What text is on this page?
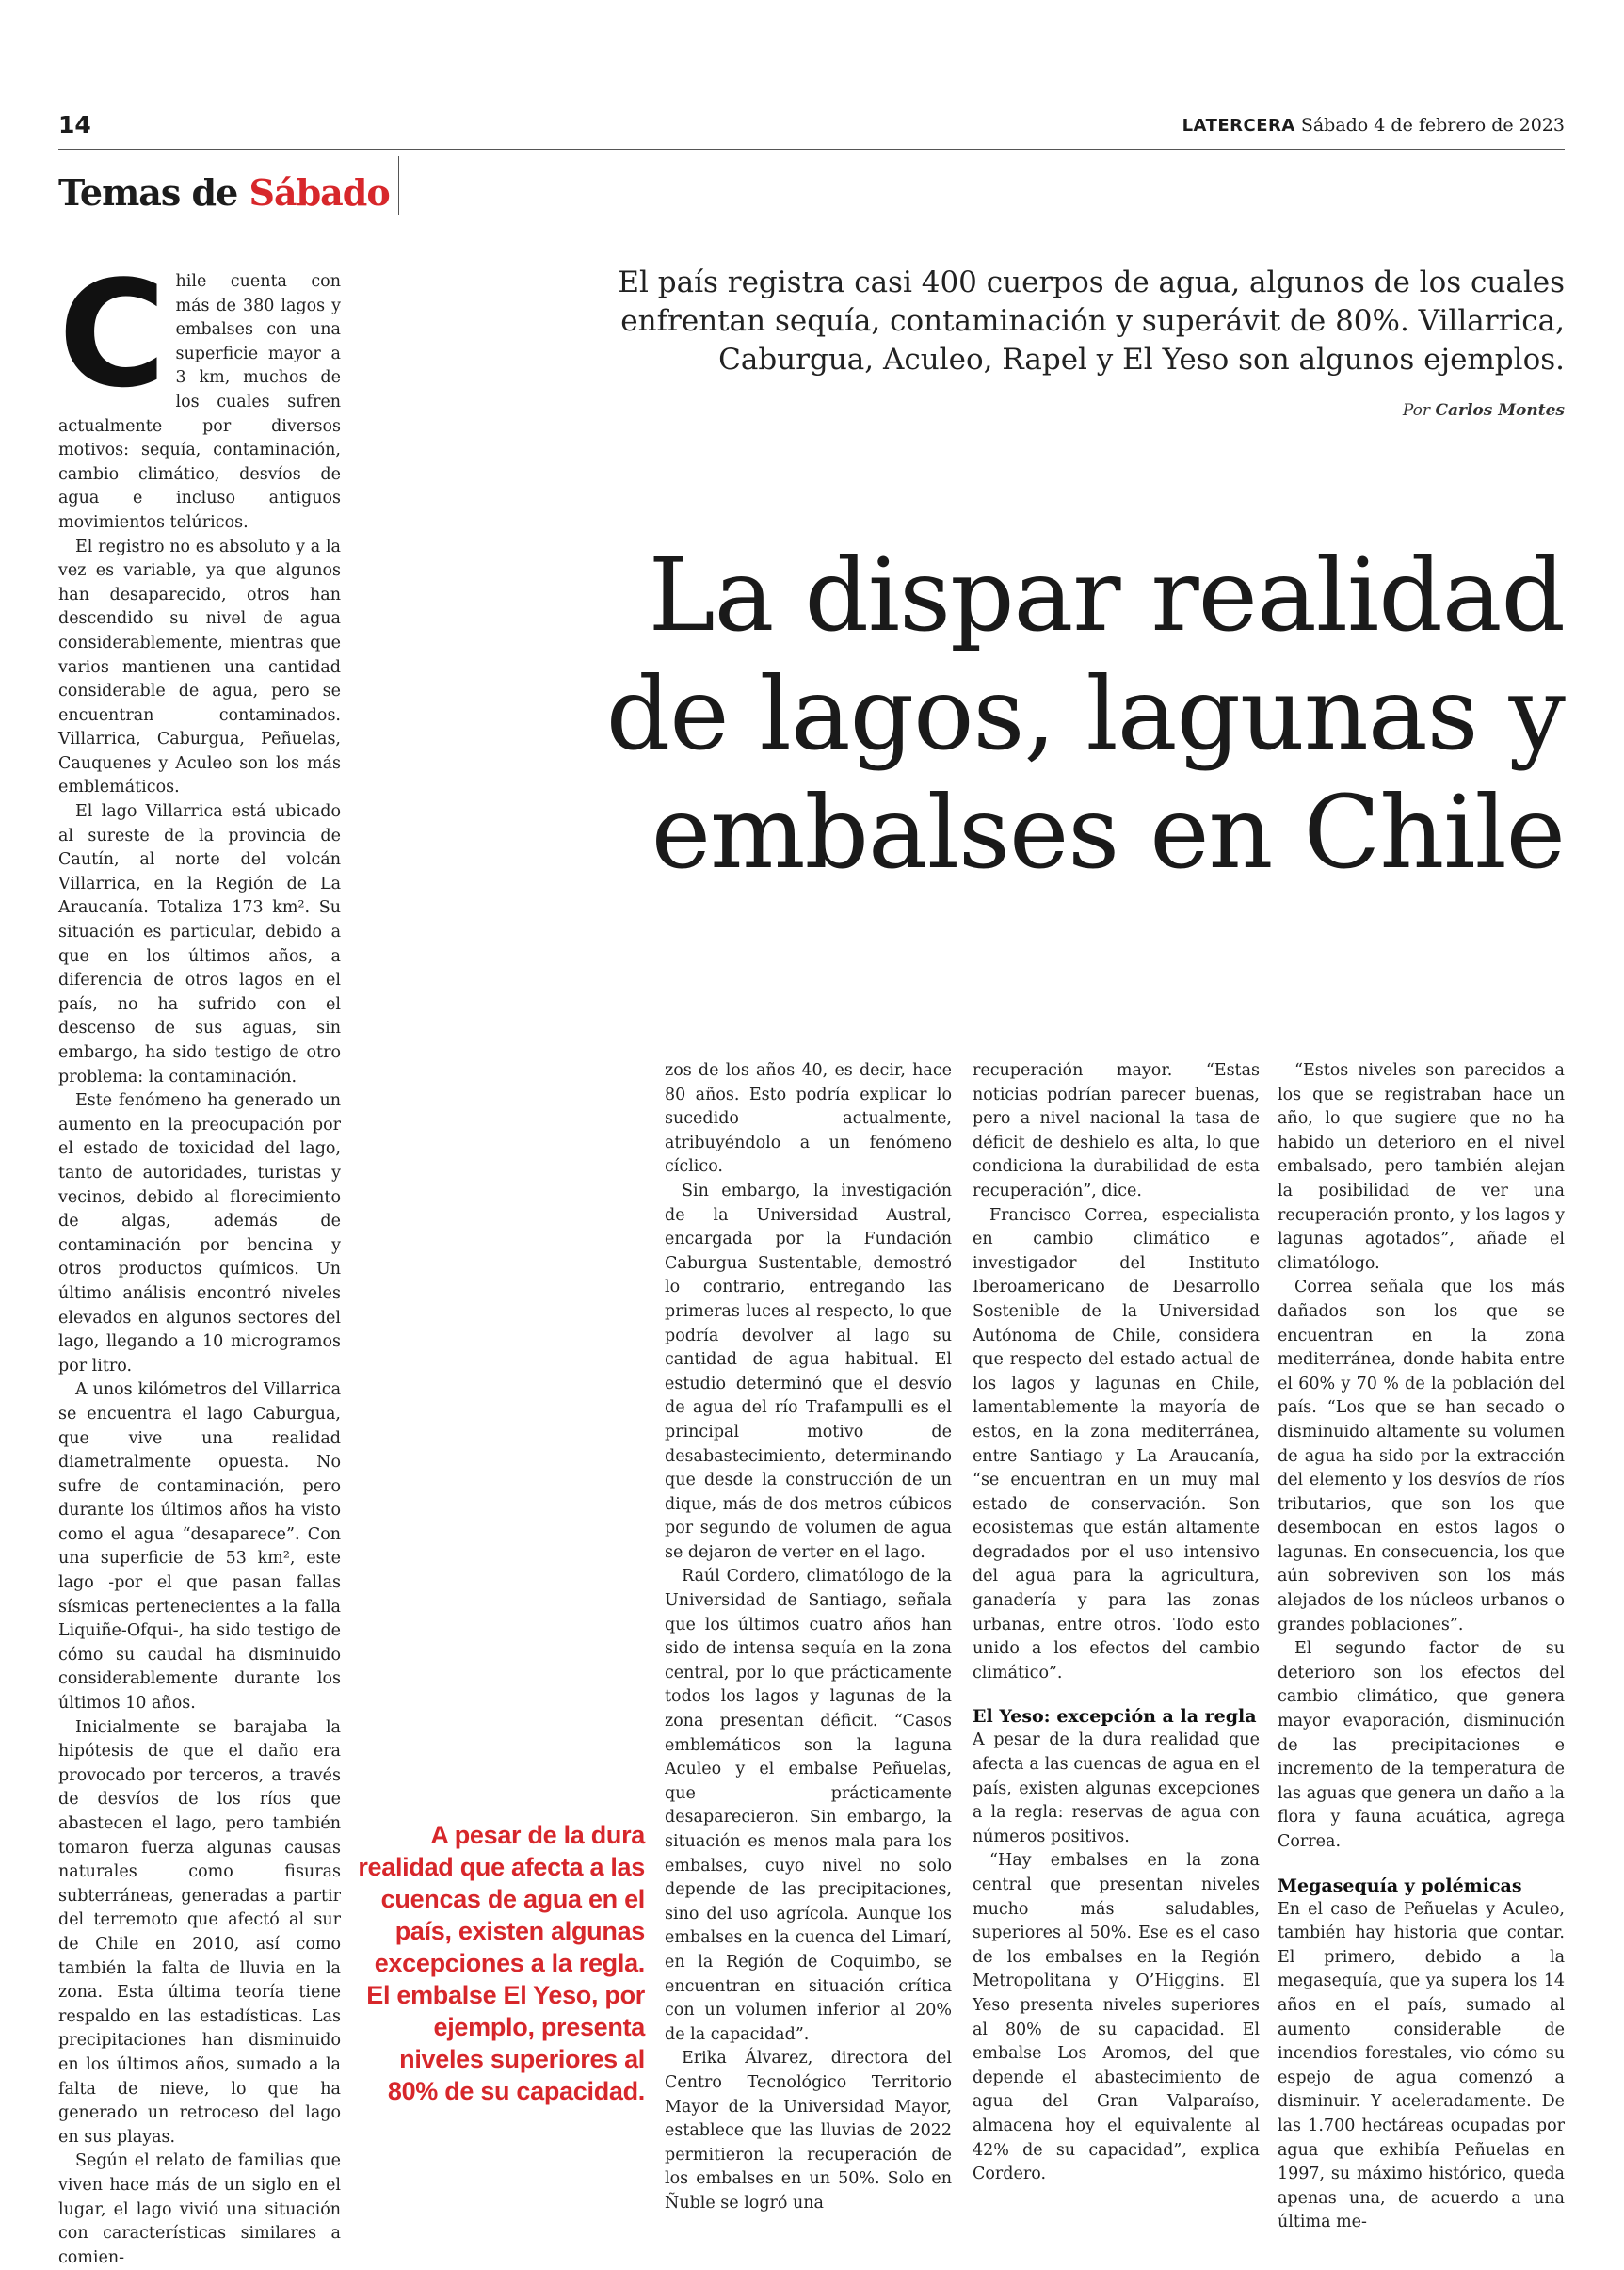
14	LATERCERA Sábado 4 de febrero de 2023
Temas de Sábado
El país registra casi 400 cuerpos de agua, algunos de los cuales enfrentan sequía, contaminación y superávit de 80%. Villarrica, Caburgua, Aculeo, Rapel y El Yeso son algunos ejemplos.
Por Carlos Montes
La dispar realidad de lagos, lagunas y embalses en Chile
C hile cuenta con más de 380 lagos y embalses con una superficie mayor a 3 km, muchos de los cuales sufren actualmente por diversos motivos: sequía, contaminación, cambio climático, desvíos de agua e incluso antiguos movimientos telúricos.

El registro no es absoluto y a la vez es variable, ya que algunos han desaparecido, otros han descendido su nivel de agua considerablemente, mientras que varios mantienen una cantidad considerable de agua, pero se encuentran contaminados. Villarrica, Caburgua, Peñuelas, Cauquenes y Aculeo son los más emblemáticos.

El lago Villarrica está ubicado al sureste de la provincia de Cautín, al norte del volcán Villarrica, en la Región de La Araucanía. Totaliza 173 km². Su situación es particular, debido a que en los últimos años, a diferencia de otros lagos en el país, no ha sufrido con el descenso de sus aguas, sin embargo, ha sido testigo de otro problema: la contaminación.

Este fenómeno ha generado un aumento en la preocupación por el estado de toxicidad del lago, tanto de autoridades, turistas y vecinos, debido al florecimiento de algas, además de contaminación por bencina y otros productos químicos. Un último análisis encontró niveles elevados en algunos sectores del lago, llegando a 10 microgramos por litro.

A unos kilómetros del Villarrica se encuentra el lago Caburgua, que vive una realidad diametralmente opuesta. No sufre de contaminación, pero durante los últimos años ha visto como el agua “desaparece”. Con una superficie de 53 km², este lago -por el que pasan fallas sísmicas pertenecientes a la falla Liquiñe-Ofqui-, ha sido testigo de cómo su caudal ha disminuido considerablemente durante los últimos 10 años.

Inicialmente se barajaba la hipótesis de que el daño era provocado por terceros, a través de desvíos de los ríos que abastecen el lago, pero también tomaron fuerza algunas causas naturales como fisuras subterráneas, generadas a partir del terremoto que afectó al sur de Chile en 2010, así como también la falta de lluvia en la zona. Esta última teoría tiene respaldo en las estadísticas. Las precipitaciones han disminuido en los últimos años, sumado a la falta de nieve, lo que ha generado un retroceso del lago en sus playas.

Según el relato de familias que viven hace más de un siglo en el lugar, el lago vivió una situación con características similares a comien-

A pesar de la dura realidad que afecta a las cuencas de agua en el país, existen algunas excepciones a la regla. El embalse El Yeso, por ejemplo, presenta niveles superiores al 80% de su capacidad.

zos de los años 40, es decir, hace 80 años. Esto podría explicar lo sucedido actualmente, atribuyéndolo a un fenómeno cíclico.

Sin embargo, la investigación de la Universidad Austral, encargada por la Fundación Caburgua Sustentable, demostró lo contrario, entregando las primeras luces al respecto, lo que podría devolver al lago su cantidad de agua habitual. El estudio determinó que el desvío de agua del río Trafampulli es el principal motivo de desabastecimiento, determinando que desde la construcción de un dique, más de dos metros cúbicos por segundo de volumen de agua se dejaron de verter en el lago.

Raúl Cordero, climatólogo de la Universidad de Santiago, señala que los últimos cuatro años han sido de intensa sequía en la zona central, por lo que prácticamente todos los lagos y lagunas de la zona presentan déficit. “Casos emblemáticos son la laguna Aculeo y el embalse Peñuelas, que prácticamente desaparecieron. Sin embargo, la situación es menos mala para los embalses, cuyo nivel no solo depende de las precipitaciones, sino del uso agrícola. Aunque los embalses en la cuenca del Limarí, en la Región de Coquimbo, se encuentran en situación crítica con un volumen inferior al 20% de la capacidad”.

Erika Álvarez, directora del Centro Tecnológico Territorio Mayor de la Universidad Mayor, establece que las lluvias de 2022 permitieron la recuperación de los embalses en un 50%. Solo en Ñuble se logró una

recuperación mayor. “Estas noticias podrían parecer buenas, pero a nivel nacional la tasa de déficit de deshielo es alta, lo que condiciona la durabilidad de esta recuperación”, dice.

Francisco Correa, especialista en cambio climático e investigador del Instituto Iberoamericano de Desarrollo Sostenible de la Universidad Autónoma de Chile, considera que respecto del estado actual de los lagos y lagunas en Chile, lamentablemente la mayoría de estos, en la zona mediterránea, entre Santiago y La Araucanía, “se encuentran en un muy mal estado de conservación. Son ecosistemas que están altamente degradados por el uso intensivo del agua para la agricultura, ganadería y para las zonas urbanas, entre otros. Todo esto unido a los efectos del cambio climático”.

El Yeso: excepción a la regla

A pesar de la dura realidad que afecta a las cuencas de agua en el país, existen algunas excepciones a la regla: reservas de agua con números positivos.

“Hay embalses en la zona central que presentan niveles mucho más saludables, superiores al 50%. Ese es el caso de los embalses en la Región Metropolitana y O’Higgins. El Yeso presenta niveles superiores al 80% de su capacidad. El embalse Los Aromos, del que depende el abastecimiento de agua del Gran Valparaíso, almacena hoy el equivalente al 42% de su capacidad”, explica Cordero.

“Estos niveles son parecidos a los que se registraban hace un año, lo que sugiere que no ha habido un deterioro en el nivel embalsado, pero también alejan la posibilidad de ver una recuperación pronto, y los lagos y lagunas agotados”, añade el climatólogo.

Correa señala que los más dañados son los que se encuentran en la zona mediterránea, donde habita entre el 60% y 70 % de la población del país. “Los que se han secado o disminuido altamente su volumen de agua ha sido por la extracción del elemento y los desvíos de ríos tributarios, que son los que desembocan en estos lagos o lagunas. En consecuencia, los que aún sobreviven son los más alejados de los núcleos urbanos o grandes poblaciones”.

El segundo factor de su deterioro son los efectos del cambio climático, que genera mayor evaporación, disminución de las precipitaciones e incremento de la temperatura de las aguas que genera un daño a la flora y fauna acuática, agrega Correa.

Megasequía y polémicas

En el caso de Peñuelas y Aculeo, también hay historia que contar. El primero, debido a la megasequía, que ya supera los 14 años en el país, sumado al aumento considerable de incendios forestales, vio cómo su espejo de agua comenzó a disminuir. Y aceleradamente. De las 1.700 hectáreas ocupadas por agua que exhibía Peñuelas en 1997, su máximo histórico, queda apenas una, de acuerdo a una última me-
